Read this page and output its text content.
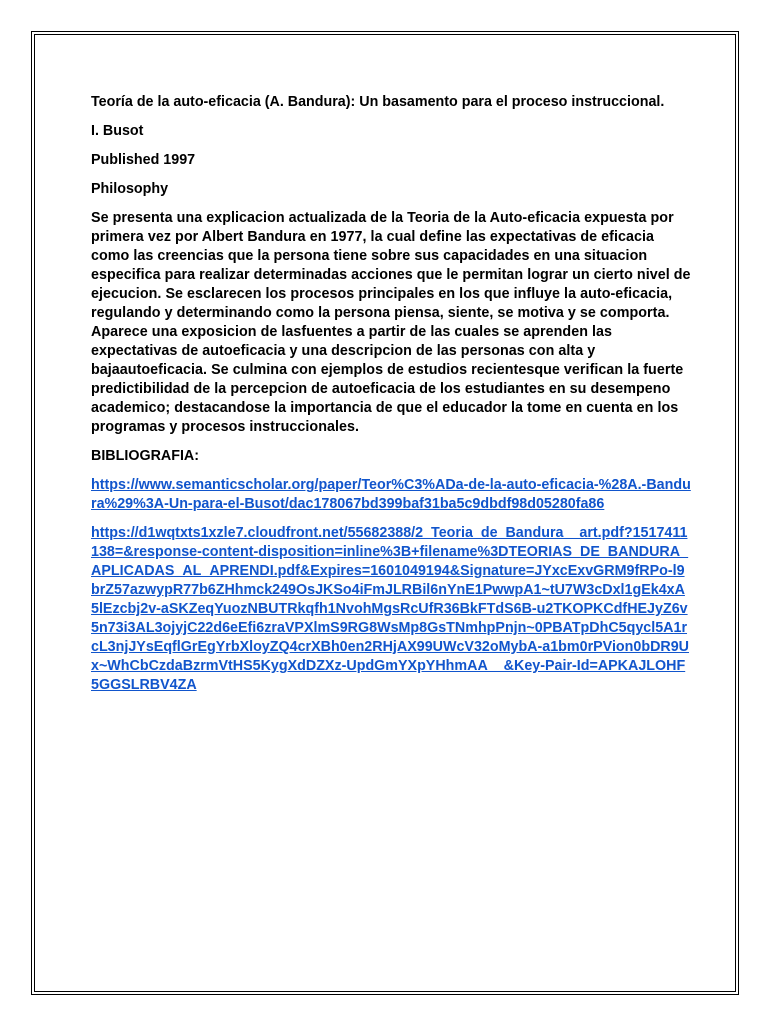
Teoría de la auto-eficacia (A. Bandura): Un basamento para el proceso instruccional.

I. Busot

Published 1997

Philosophy

Se presenta una explicacion actualizada de la Teoria de la Auto-eficacia expuesta por primera vez por Albert Bandura en 1977, la cual define las expectativas de eficacia como las creencias que la persona tiene sobre sus capacidades en una situacion especifica para realizar determinadas acciones que le permitan lograr un cierto nivel de ejecucion. Se esclarecen los procesos principales en los que influye la auto-eficacia, regulando y determinando como la persona piensa, siente, se motiva y se comporta. Aparece una exposicion de lasfuentes a partir de las cuales se aprenden las expectativas de autoeficacia y una descripcion de las personas con alta y bajaautoeficacia. Se culmina con ejemplos de estudios recientesque verifican la fuerte predictibilidad de la percepcion de autoeficacia de los estudiantes en su desempeno academico; destacandose la importancia de que el educador la tome en cuenta en los programas y procesos instruccionales.

BIBLIOGRAFIA:

https://www.semanticscholar.org/paper/Teor%C3%ADa-de-la-auto-eficacia-%28A.-Bandura%29%3A-Un-para-el-Busot/dac178067bd399baf31ba5c9dbdf98d05280fa86

https://d1wqtxts1xzle7.cloudfront.net/55682388/2_Teoria_de_Bandura__art.pdf?1517411138=&response-content-disposition=inline%3B+filename%3DTEORIAS_DE_BANDURA_APLICADAS_AL_APRENDI.pdf&Expires=1601049194&Signature=JYxcExvGRM9fRPo-l9brZ57azwypR77b6ZHhmck249OsJKSo4iFmJLRBil6nYnE1PwwpA1~tU7W3cDxl1gEk4xA5lEzcbj2v-aSKZeqYuozNBUTRkqfh1NvohMgsRcUfR36BkFTdS6B-u2TKOPKCdfHEJyZ6v5n73i3AL3ojyjC22d6eEfi6zraVPXlmS9RG8WsMp8GsTNmhpPnjn~0PBATpDhC5qycl5A1rcL3njJYsEqflGrEgYrbXloyZQ4crXBh0en2RHjAX99UWcV32oMybA-a1bm0rPVion0bDR9Ux~WhCbCzdaBzrmVtHS5KygXdDZXz-UpdGmYXpYHhmAA__&Key-Pair-Id=APKAJLOHF5GGSLRBV4ZA
